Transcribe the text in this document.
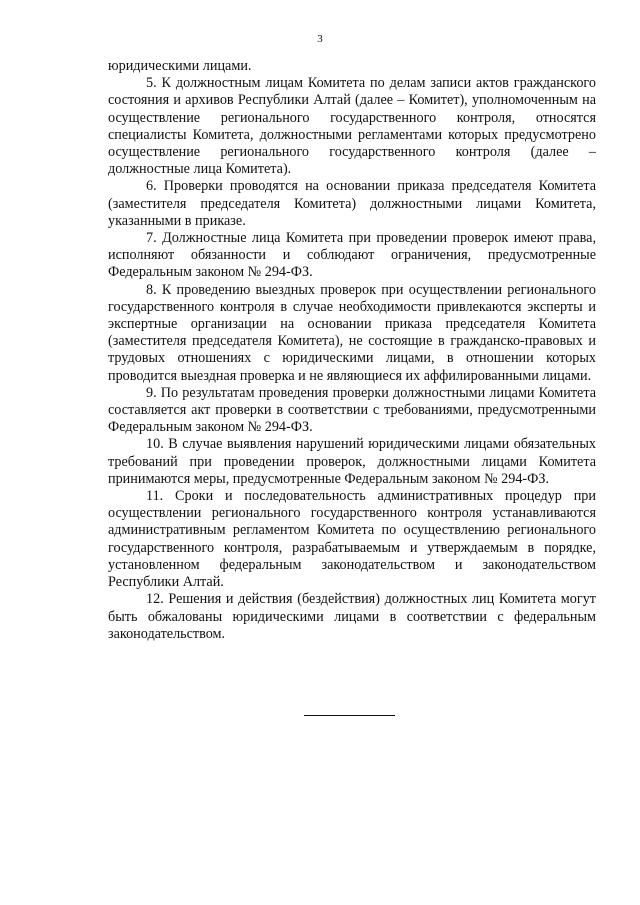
3

юридическими лицами.

5. К должностным лицам Комитета по делам записи актов гражданского состояния и архивов Республики Алтай (далее – Комитет), уполномоченным на осуществление регионального государственного контроля, относятся специалисты Комитета, должностными регламентами которых предусмотрено осуществление регионального государственного контроля (далее – должностные лица Комитета).

6. Проверки проводятся на основании приказа председателя Комитета (заместителя председателя Комитета) должностными лицами Комитета, указанными в приказе.

7. Должностные лица Комитета при проведении проверок имеют права, исполняют обязанности и соблюдают ограничения, предусмотренные Федеральным законом № 294-ФЗ.

8. К проведению выездных проверок при осуществлении регионального государственного контроля в случае необходимости привлекаются эксперты и экспертные организации на основании приказа председателя Комитета (заместителя председателя Комитета), не состоящие в гражданско-правовых и трудовых отношениях с юридическими лицами, в отношении которых проводится выездная проверка и не являющиеся их аффилированными лицами.

9. По результатам проведения проверки должностными лицами Комитета составляется акт проверки в соответствии с требованиями, предусмотренными Федеральным законом № 294-ФЗ.

10. В случае выявления нарушений юридическими лицами обязательных требований при проведении проверок, должностными лицами Комитета принимаются меры, предусмотренные Федеральным законом № 294-ФЗ.

11. Сроки и последовательность административных процедур при осуществлении регионального государственного контроля устанавливаются административным регламентом Комитета по осуществлению регионального государственного контроля, разрабатываемым и утверждаемым в порядке, установленном федеральным законодательством и законодательством Республики Алтай.

12. Решения и действия (бездействия) должностных лиц Комитета могут быть обжалованы юридическими лицами в соответствии с федеральным законодательством.
